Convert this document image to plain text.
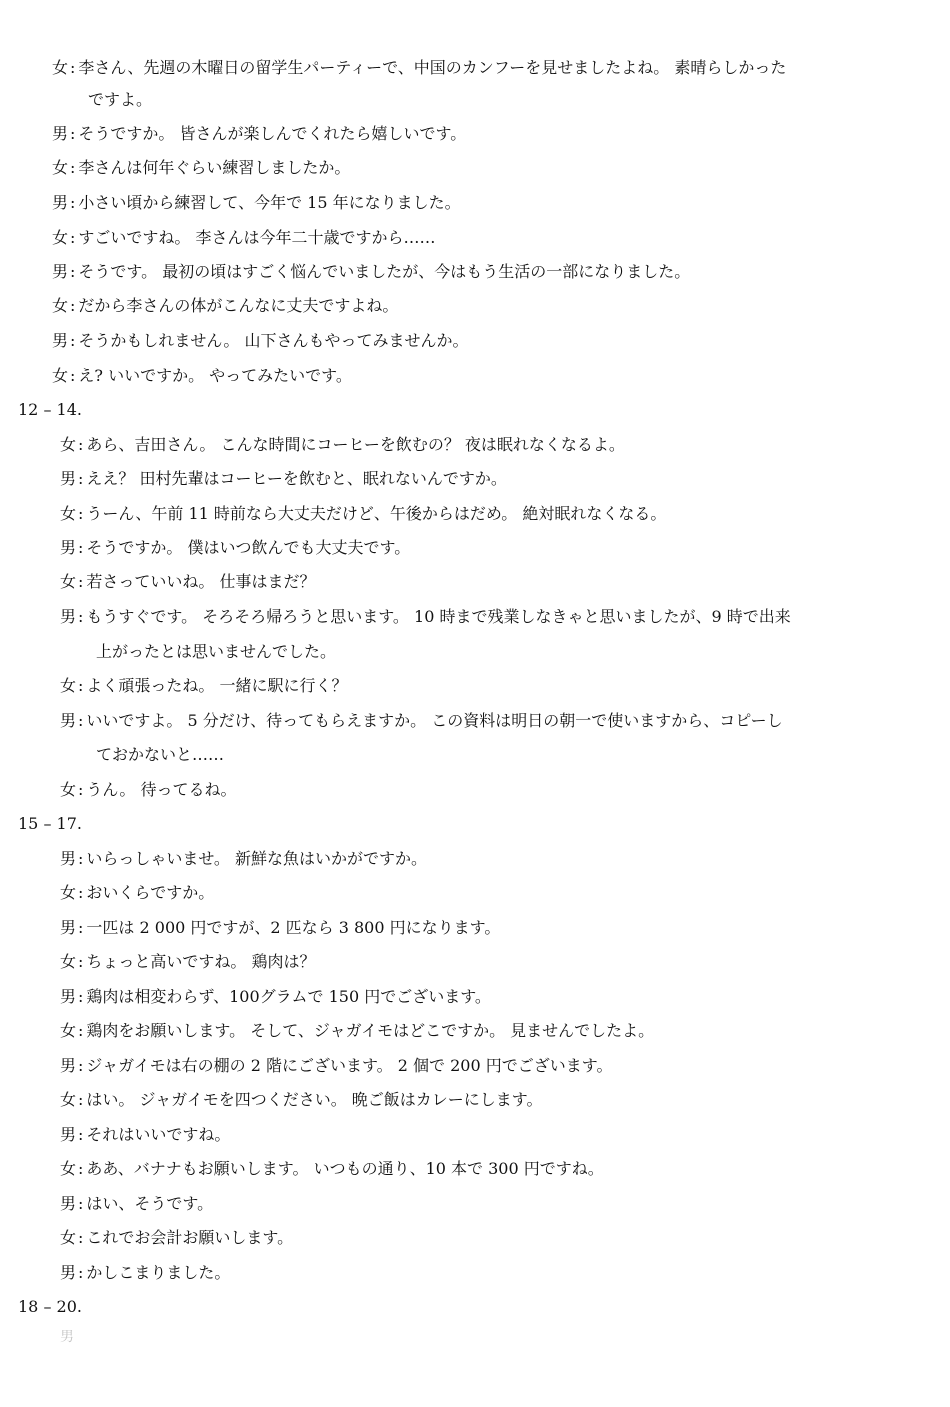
女 : 李さん、先週の木曜日の留学生パーティーで、中国のカンフーを見せましたよね。 素晴らしかった
ですよ。
男 : そうですか。 皆さんが楽しんでくれたら嬉しいです。
女 : 李さんは何年ぐらい練習しましたか。
男 : 小さい頃から練習して、今年で 15 年になりました。
女 : すごいですね。 李さんは今年二十歳ですから……
男 : そうです。 最初の頃はすごく悩んでいましたが、今はもう生活の一部になりました。
女 : だから李さんの体がこんなに丈夫ですよね。
男 : そうかもしれません。 山下さんもやってみませんか。
女 : え? いいですか。 やってみたいです。
12 – 14.
女 : あら、吉田さん。 こんな時間にコーヒーを飲むの？ 夜は眠れなくなるよ。
男 : ええ？ 田村先輩はコーヒーを飲むと、眠れないんですか。
女 : うーん、午前 11 時前なら大丈夫だけど、午後からはだめ。 絶対眠れなくなる。
男 : そうですか。 僕はいつ飲んでも大丈夫です。
女 : 若さっていいね。 仕事はまだ？
男 : もうすぐです。 そろそろ帰ろうと思います。 10 時まで残業しなきゃと思いましたが、9 時で出来
上がったとは思いませんでした。
女 : よく頑張ったね。 一緒に駅に行く？
男 : いいですよ。 5 分だけ、待ってもらえますか。 この資料は明日の朝一で使いますから、コピーし
ておかないと……
女 : うん。 待ってるね。
15 – 17.
男 : いらっしゃいませ。 新鮮な魚はいかがですか。
女 : おいくらですか。
男 : 一匹は 2 000 円ですが、2 匹なら 3 800 円になります。
女 : ちょっと高いですね。 鶏肉は？
男 : 鶏肉は相変わらず、100グラムで 150 円でございます。
女 : 鶏肉をお願いします。 そして、ジャガイモはどこですか。 見ませんでしたよ。
男 : ジャガイモは右の棚の 2 階にございます。 2 個で 200 円でございます。
女 : はい。 ジャガイモを四つください。 晩ご飯はカレーにします。
男 : それはいいですね。
女 : ああ、バナナもお願いします。 いつもの通り、10 本で 300 円ですね。
男 : はい、そうです。
女 : これでお会計お願いします。
男 : かしこまりました。
18 – 20.
男
